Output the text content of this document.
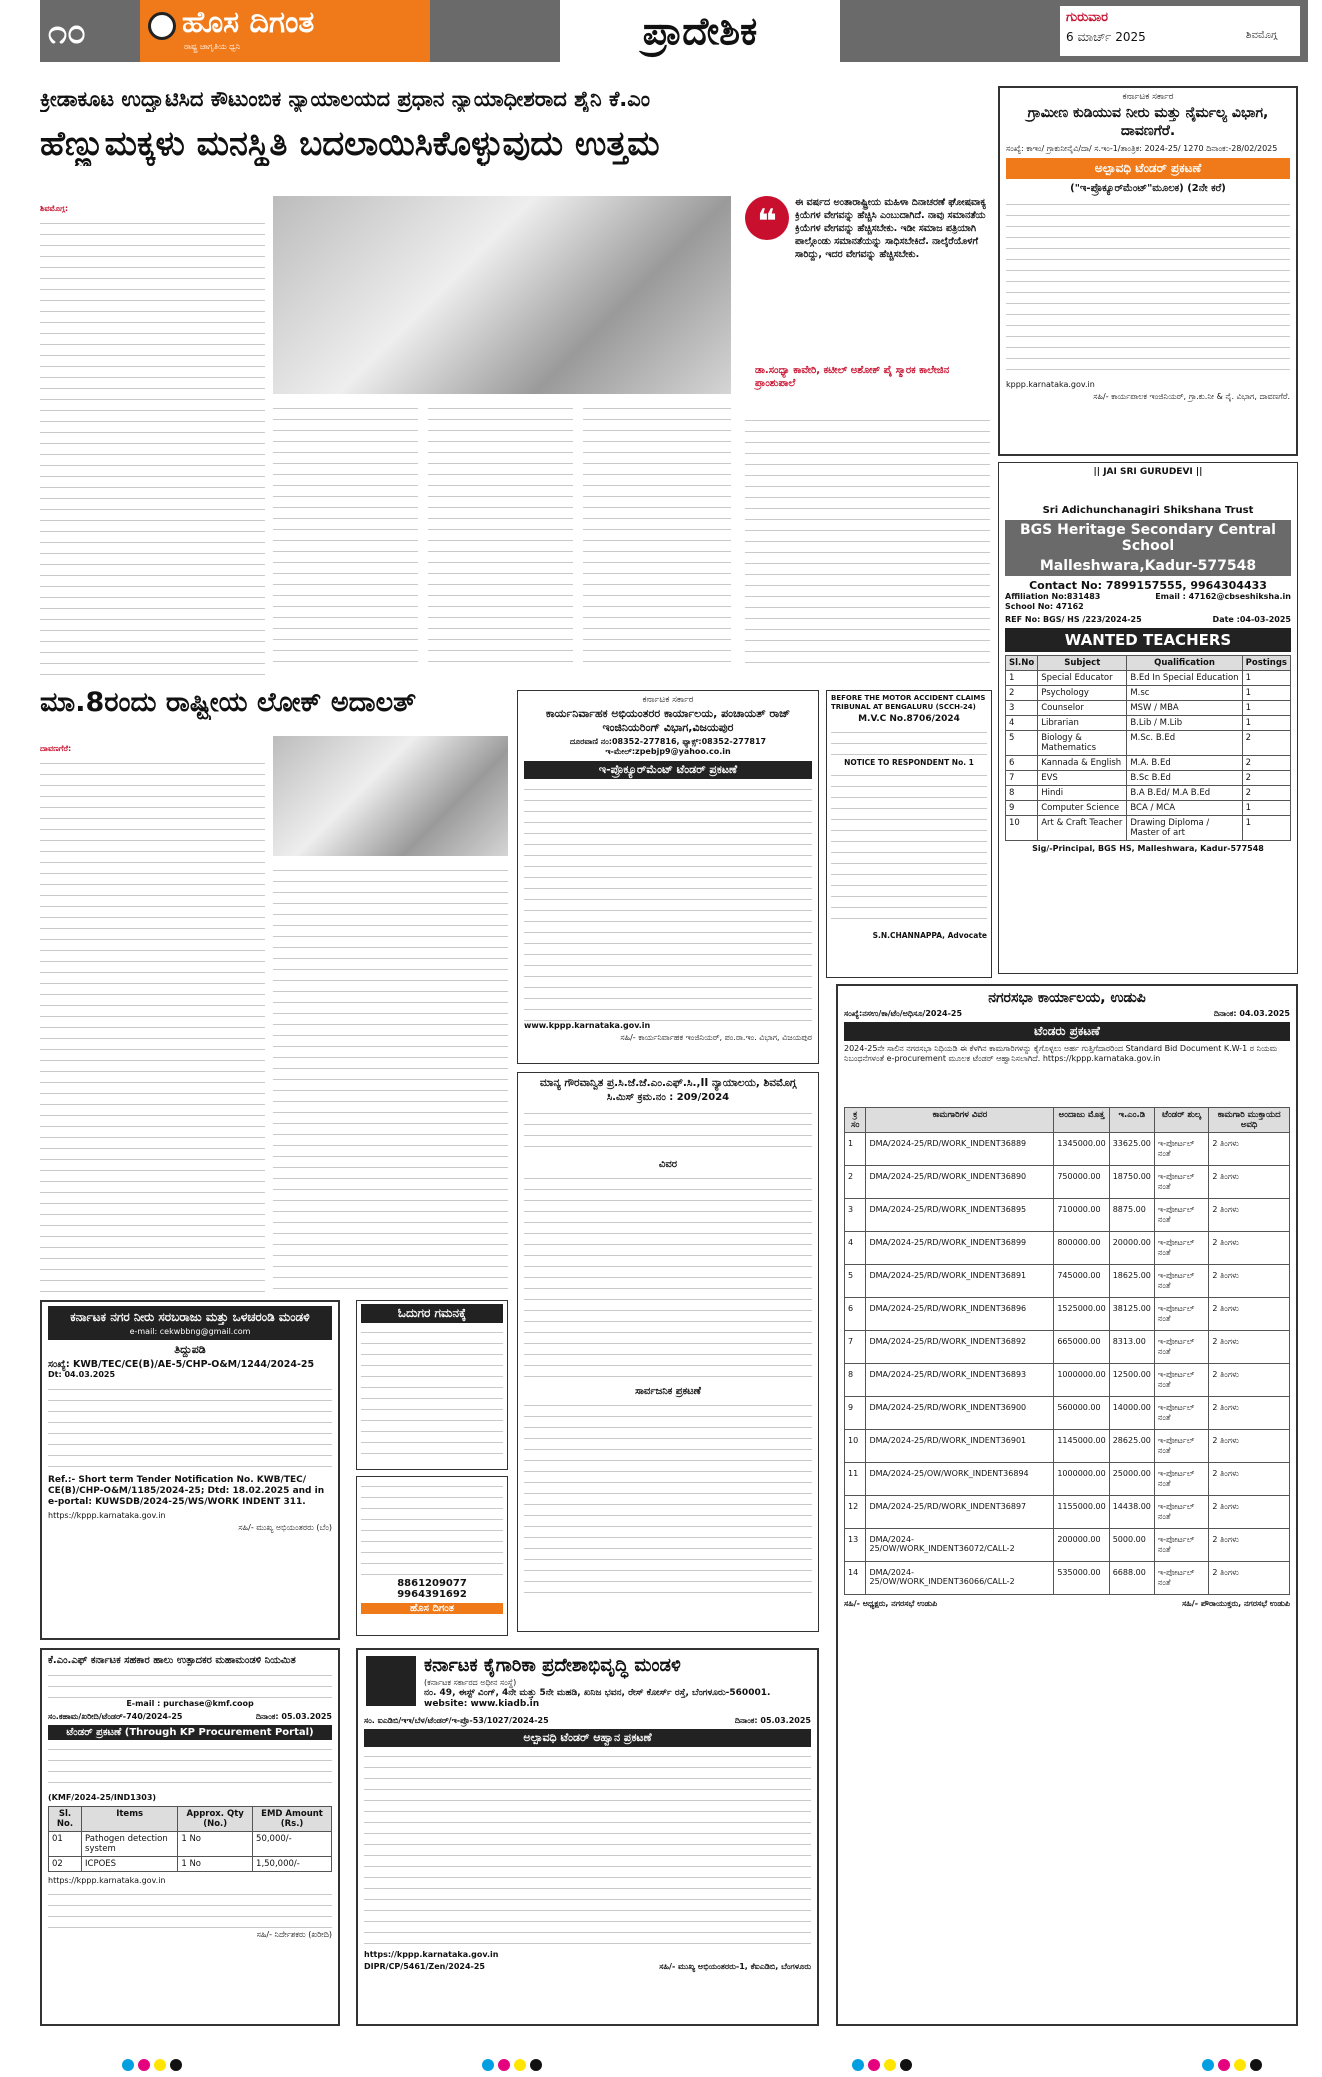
೧೦	ಹೊಸ ದಿಗಂತ
ರಾಷ್ಟ್ರ ಜಾಗೃತಿಯ ಧ್ವನಿ	ಪ್ರಾದೇಶಿಕ	ಗುರುವಾರ
6 ಮಾರ್ಚ್ 2025	ಶಿವಮೊಗ್ಗ
ಕ್ರೀಡಾಕೂಟ ಉದ್ಘಾಟಿಸಿದ ಕೌಟುಂಬಿಕ ನ್ಯಾಯಾಲಯದ ಪ್ರಧಾನ ನ್ಯಾಯಾಧೀಶರಾದ ಶೈನಿ ಕೆ.ಎಂ
ಹೆಣ್ಣುಮಕ್ಕಳು ಮನಸ್ಥಿತಿ ಬದಲಾಯಿಸಿಕೊಳ್ಳುವುದು ಉತ್ತಮ
ಶಿವಮೊಗ್ಗ:	❝	ಈ ವರ್ಷದ ಅಂತಾರಾಷ್ಟ್ರೀಯ ಮಹಿಳಾ ದಿನಾಚರಣೆ ಘೋಷವಾಕ್ಯ ಕ್ರಿಯೆಗಳ ವೇಗವನ್ನು ಹೆಚ್ಚಿಸಿ ಎಂಬುದಾಗಿದೆ. ನಾವು ಸಮಾನತೆಯ ಕ್ರಿಯೆಗಳ ವೇಗವನ್ನು ಹೆಚ್ಚಿಸಬೇಕು. ಇಡೀ ಸಮಾಜ ಪತ್ರಿಯಾಗಿ ಪಾಲ್ಗೊಂಡು ಸಮಾನತೆಯನ್ನು ಸಾಧಿಸಬೇಕಿದೆ. ನಾಲ್ಕೆರೆಯೊಳಗೆ ಸಾರಿದ್ದು, ಇದರ ವೇಗವನ್ನು ಹೆಚ್ಚಿಸಬೇಕು.
ಡಾ.ಸಂಧ್ಯಾ ಕಾವೇರಿ, ಕಟೀಲ್ ಅಶೋಕ್ ಪೈ ಸ್ಮಾರಕ ಕಾಲೇಜಿನ ಪ್ರಾಂಶುಪಾಲೆ
ಕರ್ನಾಟಕ ಸರ್ಕಾರ
ಗ್ರಾಮೀಣ ಕುಡಿಯುವ ನೀರು ಮತ್ತು ನೈರ್ಮಲ್ಯ ವಿಭಾಗ, ದಾವಣಗೆರೆ.
ಸಂಖ್ಯೆ: ಕಾಇಂ/ ಗ್ರಾಕುನೀನೈವಿ/ದಾ/ ಸ.ಇಂ-1/ತಾಂತ್ರಿಕ: 2024-25/ 1270 ದಿನಾಂಕ:-28/02/2025
ಅಲ್ಪಾವಧಿ ಟೆಂಡರ್ ಪ್ರಕಟಣೆ
("ಇ-ಪ್ರೊಕ್ಯೂರ್‌ಮೆಂಟ್"ಮೂಲಕ) (2ನೇ ಕರೆ)
kppp.karnataka.gov.in
ಸಹಿ/- ಕಾರ್ಯಪಾಲಕ ಇಂಜಿನಿಯರ್, ಗ್ರಾ.ಕು.ನೀ & ನೈ. ವಿಭಾಗ, ದಾವಣಗೆರೆ.
|| JAI SRI GURUDEVI ||
Sri Adichunchanagiri Shikshana Trust
BGS Heritage Secondary Central School
Malleshwara,Kadur-577548
Contact No: 7899157555, 9964304433
Affiliation No:831483
School No: 47162
Email : 47162@cbseshiksha.in
REF No: BGS/ HS /223/2024-25	Date :04-03-2025
WANTED TEACHERS
Sl.No	Subject	Qualification	Postings
1	Special Educator	B.Ed In Special Education	1
2	Psychology	M.sc	1
3	Counselor	MSW / MBA	1
4	Librarian	B.Lib / M.Lib	1
5	Biology & Mathematics	M.Sc. B.Ed	2
6	Kannada & English	M.A. B.Ed	2
7	EVS	B.Sc B.Ed	2
8	Hindi	B.A B.Ed/ M.A B.Ed	2
9	Computer Science	BCA / MCA	1
10	Art & Craft Teacher	Drawing Diploma / Master of art	1
Sig/-Principal, BGS HS, Malleshwara, Kadur-577548
ಮಾ.8ರಂದು ರಾಷ್ಟ್ರೀಯ ಲೋಕ್ ಅದಾಲತ್
ದಾವಣಗೆರೆ:
ಕರ್ನಾಟಕ ಸರ್ಕಾರ
ಕಾರ್ಯನಿರ್ವಾಹಕ ಅಭಿಯಂತರರ ಕಾರ್ಯಾಲಯ, ಪಂಚಾಯತ್ ರಾಜ್ ಇಂಜಿನಿಯರಿಂಗ್ ವಿಭಾಗ,ವಿಜಯಪುರ
ದೂರವಾಣಿ ನಂ:08352-277816, ಫ್ಯಾಕ್ಸ್:08352-277817
ಇ-ಮೇಲ್:zpebjp9@yahoo.co.in
ಇ-ಪ್ರೊಕ್ಯೂರ್‌ಮೆಂಟ್ ಟೆಂಡರ್ ಪ್ರಕಟಣೆ
www.kppp.karnataka.gov.in
ಸಹಿ/- ಕಾರ್ಯನಿರ್ವಾಹಕ ಇಂಜಿನಿಯರ್, ಪಂ.ರಾ.ಇಂ. ವಿಭಾಗ, ವಿಜಯಪುರ
BEFORE THE MOTOR ACCIDENT CLAIMS TRIBUNAL AT BENGALURU (SCCH-24)
M.V.C No.8706/2024
NOTICE TO RESPONDENT No. 1
S.N.CHANNAPPA, Advocate
ಮಾನ್ಯ ಗೌರವಾನ್ವಿತ ಪ್ರ.ಸಿ.ಜೆ.ಜೆ.ಎಂ.ಎಫ್.ಸಿ.,II ನ್ಯಾಯಾಲಯ, ಶಿವಮೊಗ್ಗ
ಸಿ.ಮಿಸ್ ಕ್ರಮ.ನಂ : 209/2024
ವಿವರ
ಸಾರ್ವಜನಿಕ ಪ್ರಕಟಣೆ
ನಗರಸಭಾ ಕಾರ್ಯಾಲಯ, ಉಡುಪಿ
ಸಂಖ್ಯೆ:ನಸಉ/ಕಾ/ಟೆಂ/ಅಧಿಸೂ/2024-25	ದಿನಾಂಕ: 04.03.2025
ಟೆಂಡರು ಪ್ರಕಟಣೆ
2024-25ನೇ ಸಾಲಿನ ನಗರಸಭಾ ನಿಧಿಯಡಿ ಈ ಕೆಳಗಿನ ಕಾಮಗಾರಿಗಳನ್ನು ಕೈಗೊಳ್ಳಲು ಅರ್ಹ ಗುತ್ತಿಗೆದಾರರಿಂದ Standard Bid Document K.W-1 ರ ನಿಯಮ ನಿಬಂಧನೆಗಳಂತೆ e-procurement ಮೂಲಕ ಟೆಂಡರ್ ಆಹ್ವಾನಿಸಲಾಗಿದೆ. https://kppp.karnataka.gov.in
ಕ್ರ ಸಂ	ಕಾಮಗಾರಿಗಳ ವಿವರ	ಅಂದಾಜು ಮೊತ್ತ	ಇ.ಎಂ.ಡಿ	ಟೆಂಡರ್ ಶುಲ್ಕ	ಕಾಮಗಾರಿ ಮುಕ್ತಾಯದ ಅವಧಿ
1	DMA/2024-25/RD/WORK_INDENT36889	1345000.00	33625.00	ಇ-ಪೋರ್ಟಲ್ ನಂತೆ	2 ತಿಂಗಳು
2	DMA/2024-25/RD/WORK_INDENT36890	750000.00	18750.00	ಇ-ಪೋರ್ಟಲ್ ನಂತೆ	2 ತಿಂಗಳು
3	DMA/2024-25/RD/WORK_INDENT36895	710000.00	8875.00	ಇ-ಪೋರ್ಟಲ್ ನಂತೆ	2 ತಿಂಗಳು
4	DMA/2024-25/RD/WORK_INDENT36899	800000.00	20000.00	ಇ-ಪೋರ್ಟಲ್ ನಂತೆ	2 ತಿಂಗಳು
5	DMA/2024-25/RD/WORK_INDENT36891	745000.00	18625.00	ಇ-ಪೋರ್ಟಲ್ ನಂತೆ	2 ತಿಂಗಳು
6	DMA/2024-25/RD/WORK_INDENT36896	1525000.00	38125.00	ಇ-ಪೋರ್ಟಲ್ ನಂತೆ	2 ತಿಂಗಳು
7	DMA/2024-25/RD/WORK_INDENT36892	665000.00	8313.00	ಇ-ಪೋರ್ಟಲ್ ನಂತೆ	2 ತಿಂಗಳು
8	DMA/2024-25/RD/WORK_INDENT36893	1000000.00	12500.00	ಇ-ಪೋರ್ಟಲ್ ನಂತೆ	2 ತಿಂಗಳು
9	DMA/2024-25/RD/WORK_INDENT36900	560000.00	14000.00	ಇ-ಪೋರ್ಟಲ್ ನಂತೆ	2 ತಿಂಗಳು
10	DMA/2024-25/RD/WORK_INDENT36901	1145000.00	28625.00	ಇ-ಪೋರ್ಟಲ್ ನಂತೆ	2 ತಿಂಗಳು
11	DMA/2024-25/OW/WORK_INDENT36894	1000000.00	25000.00	ಇ-ಪೋರ್ಟಲ್ ನಂತೆ	2 ತಿಂಗಳು
12	DMA/2024-25/RD/WORK_INDENT36897	1155000.00	14438.00	ಇ-ಪೋರ್ಟಲ್ ನಂತೆ	2 ತಿಂಗಳು
13	DMA/2024-25/OW/WORK_INDENT36072/CALL-2	200000.00	5000.00	ಇ-ಪೋರ್ಟಲ್ ನಂತೆ	2 ತಿಂಗಳು
14	DMA/2024-25/OW/WORK_INDENT36066/CALL-2	535000.00	6688.00	ಇ-ಪೋರ್ಟಲ್ ನಂತೆ	2 ತಿಂಗಳು
ಸಹಿ/- ಅಧ್ಯಕ್ಷರು, ನಗರಸಭೆ ಉಡುಪಿ	ಸಹಿ/- ಪೌರಾಯುಕ್ತರು, ನಗರಸಭೆ ಉಡುಪಿ
ಕರ್ನಾಟಕ ನಗರ ನೀರು ಸರಬರಾಜು ಮತ್ತು ಒಳಚರಂಡಿ ಮಂಡಳಿ
e-mail: cekwbbng@gmail.com
ತಿದ್ದುಪಡಿ
ಸಂಖ್ಯೆ: KWB/TEC/CE(B)/AE-5/CHP-O&M/1244/2024-25
Dt: 04.03.2025
Ref.:- Short term Tender Notification No. KWB/TEC/ CE(B)/CHP-O&M/1185/2024-25; Dtd: 18.02.2025 and in e-portal: KUWSDB/2024-25/WS/WORK INDENT 311.
https://kppp.karnataka.gov.in
ಸಹಿ/- ಮುಖ್ಯ ಅಭಿಯಂತರರು (ಬೆಂ)
ಓದುಗರ ಗಮನಕ್ಕೆ
8861209077
9964391692
ಹೊಸ ದಿಗಂತ
ಕೆ.ಎಂ.ಎಫ್ ಕರ್ನಾಟಕ ಸಹಕಾರ ಹಾಲು ಉತ್ಪಾದಕರ ಮಹಾಮಂಡಳಿ ನಿಯಮಿತ
E-mail : purchase@kmf.coop
ಸಂ.ಕಹಾಮ/ಖರೀದಿ/ಟೆಂಡರ್-740/2024-25	ದಿನಾಂಕ: 05.03.2025
ಟೆಂಡರ್ ಪ್ರಕಟಣೆ (Through KP Procurement Portal)
(KMF/2024-25/IND1303)
Sl. No.	Items	Approx. Qty (No.)	EMD Amount (Rs.)
01	Pathogen detection system	1 No	50,000/-
02	ICPOES	1 No	1,50,000/-
https://kppp.karnataka.gov.in
ಸಹಿ/- ನಿರ್ದೇಶಕರು (ಖರೀದಿ)
ಕರ್ನಾಟಕ ಕೈಗಾರಿಕಾ ಪ್ರದೇಶಾಭಿವೃದ್ಧಿ ಮಂಡಳಿ
(ಕರ್ನಾಟಕ ಸರ್ಕಾರದ ಅಧೀನ ಸಂಸ್ಥೆ)
ನಂ. 49, ಈಸ್ಟ್ ವಿಂಗ್, 4ನೇ ಮತ್ತು 5ನೇ ಮಹಡಿ, ಖನಿಜ ಭವನ, ರೇಸ್ ಕೋರ್ಸ್ ರಸ್ತೆ, ಬೆಂಗಳೂರು-560001. website: www.kiadb.in
ಸಂ. ಐಎಡಿಬಿ/ಇಇ/ಬೆಳ/ಟೆಂಡರ್/ಇ-ಪ್ರೊ-53/1027/2024-25	ದಿನಾಂಕ: 05.03.2025
ಅಲ್ಪಾವಧಿ ಟೆಂಡರ್ ಆಹ್ವಾನ ಪ್ರಕಟಣೆ
https://kppp.karnataka.gov.in
DIPR/CP/5461/Zen/2024-25	ಸಹಿ/- ಮುಖ್ಯ ಅಭಿಯಂತರರು-1, ಕೆಐಎಡಿಬಿ, ಬೆಂಗಳೂರು
